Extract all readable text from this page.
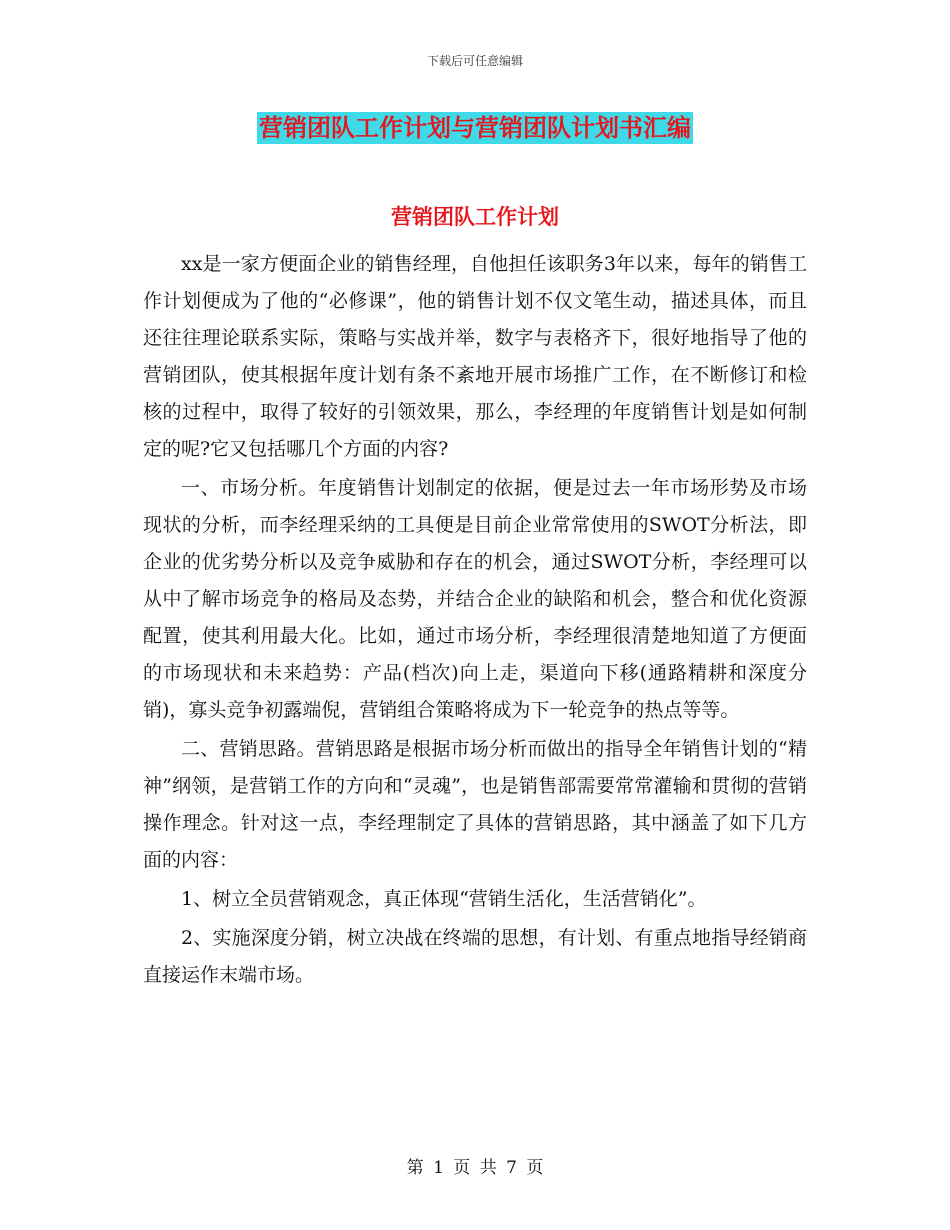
下载后可任意编辑
营销团队工作计划与营销团队计划书汇编
营销团队工作计划

xx是一家方便面企业的销售经理，自他担任该职务3年以来，每年的销售工作计划便成为了他的“必修课”，他的销售计划不仅文笔生动，描述具体，而且还往往理论联系实际，策略与实战并举，数字与表格齐下，很好地指导了他的营销团队，使其根据年度计划有条不紊地开展市场推广工作，在不断修订和检核的过程中，取得了较好的引领效果，那么，李经理的年度销售计划是如何制定的呢?它又包括哪几个方面的内容?

一、市场分析。年度销售计划制定的依据，便是过去一年市场形势及市场现状的分析，而李经理采纳的工具便是目前企业常常使用的SWOT分析法，即企业的优劣势分析以及竞争威胁和存在的机会，通过SWOT分析，李经理可以从中了解市场竞争的格局及态势，并结合企业的缺陷和机会，整合和优化资源配置，使其利用最大化。比如，通过市场分析，李经理很清楚地知道了方便面的市场现状和未来趋势：产品(档次)向上走，渠道向下移(通路精耕和深度分销)，寡头竞争初露端倪，营销组合策略将成为下一轮竞争的热点等等。

二、营销思路。营销思路是根据市场分析而做出的指导全年销售计划的“精神”纲领，是营销工作的方向和“灵魂”，也是销售部需要常常灌输和贯彻的营销操作理念。针对这一点，李经理制定了具体的营销思路，其中涵盖了如下几方面的内容：

1、树立全员营销观念，真正体现“营销生活化，生活营销化”。

2、实施深度分销，树立决战在终端的思想，有计划、有重点地指导经销商直接运作末端市场。

第 1 页 共 7 页
